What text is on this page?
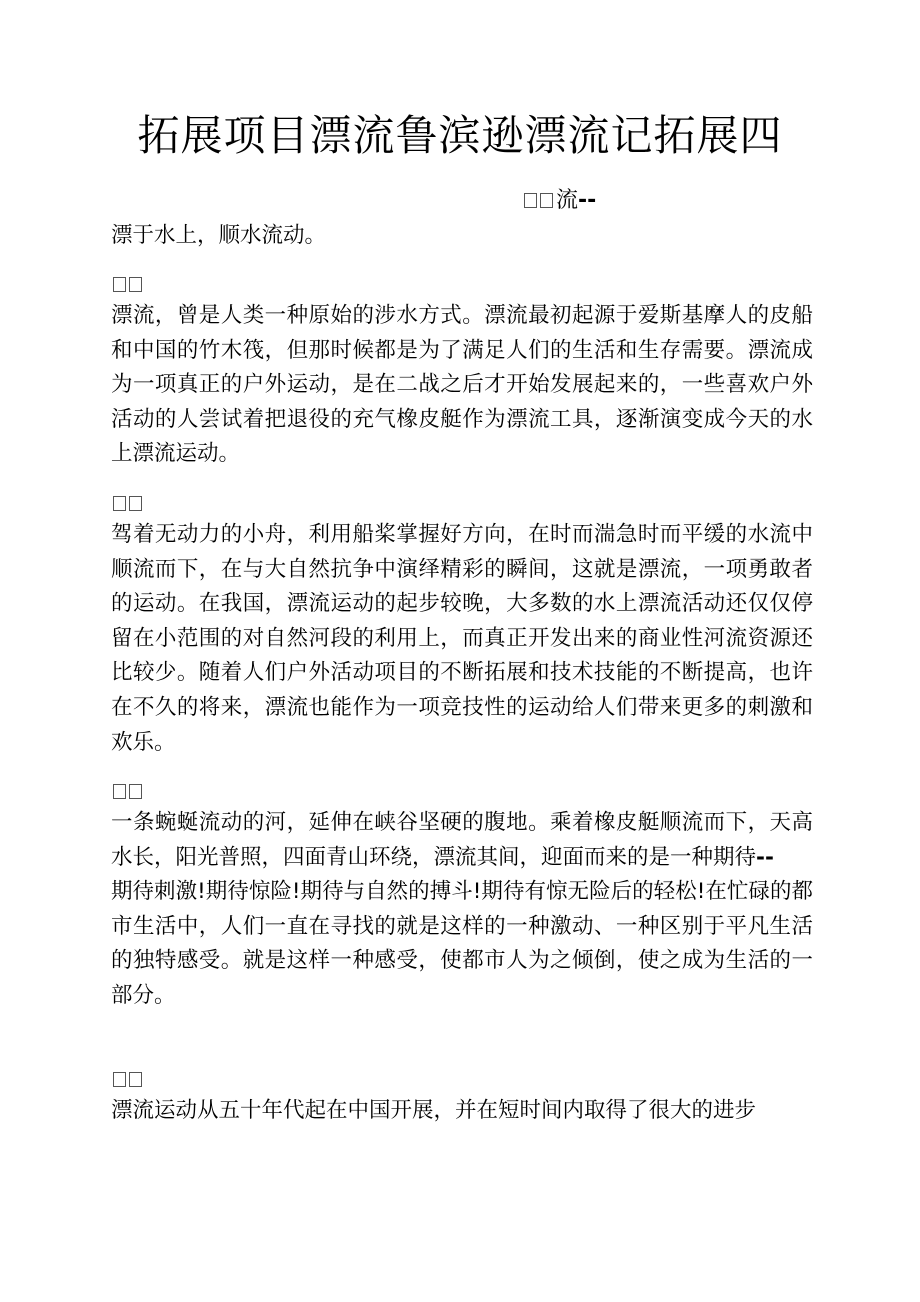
拓展项目漂流鲁滨逊漂流记拓展四
流--

漂于水上，顺水流动。

漂流，曾是人类一种原始的涉水方式。漂流最初起源于爱斯基摩人的皮船和中国的竹木筏，但那时候都是为了满足人们的生活和生存需要。漂流成为一项真正的户外运动，是在二战之后才开始发展起来的，一些喜欢户外活动的人尝试着把退役的充气橡皮艇作为漂流工具，逐渐演变成今天的水上漂流运动。

驾着无动力的小舟，利用船桨掌握好方向，在时而湍急时而平缓的水流中顺流而下，在与大自然抗争中演绎精彩的瞬间，这就是漂流，一项勇敢者的运动。在我国，漂流运动的起步较晚，大多数的水上漂流活动还仅仅停留在小范围的对自然河段的利用上，而真正开发出来的商业性河流资源还比较少。随着人们户外活动项目的不断拓展和技术技能的不断提高，也许在不久的将来，漂流也能作为一项竞技性的运动给人们带来更多的刺激和欢乐。

一条蜿蜒流动的河，延伸在峡谷坚硬的腹地。乘着橡皮艇顺流而下，天高水长，阳光普照，四面青山环绕，漂流其间，迎面而来的是一种期待--

期待刺激!期待惊险!期待与自然的搏斗!期待有惊无险后的轻松!在忙碌的都市生活中，人们一直在寻找的就是这样的一种激动、一种区别于平凡生活的独特感受。就是这样一种感受，使都市人为之倾倒，使之成为生活的一部分。

漂流运动从五十年代起在中国开展，并在短时间内取得了很大的进步
